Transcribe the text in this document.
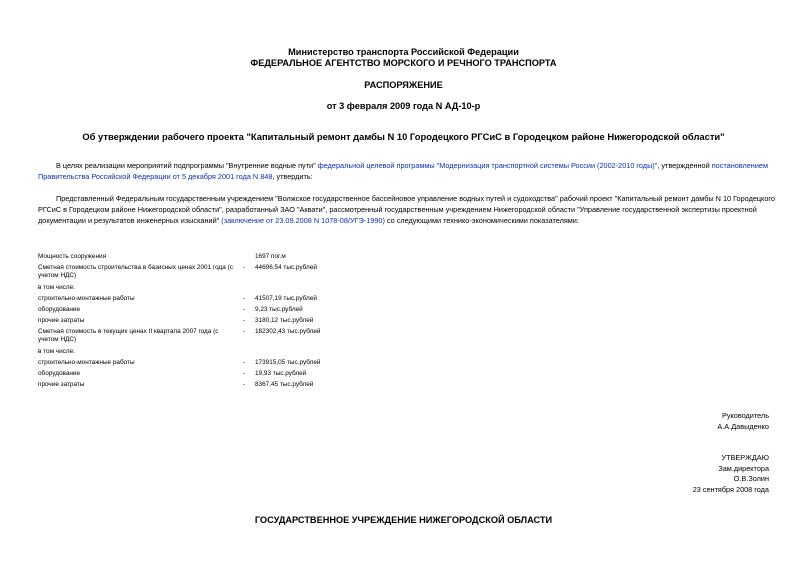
Министерство транспорта Российской Федерации
ФЕДЕРАЛЬНОЕ АГЕНТСТВО МОРСКОГО И РЕЧНОГО ТРАНСПОРТА
РАСПОРЯЖЕНИЕ
от 3 февраля 2009 года N АД-10-р
Об утверждении рабочего проекта "Капитальный ремонт дамбы N 10 Городецкого РГСиС в Городецком районе Нижегородской области"
В целях реализации мероприятий подпрограммы "Внутренние водные пути" федеральной целевой программы "Модернизация транспортной системы России (2002-2010 годы)", утвержденной постановлением Правительства Российской Федерации от 5 декабря 2001 года N 848, утвердить:
Представленный Федеральным государственным учреждением "Волжское государственное бассейновое управление водных путей и судоходства" рабочий проект "Капитальный ремонт дамбы N 10 Городецкого РГСиС в Городецком районе Нижегородской области", разработанный ЗАО "Аквати", рассмотренный государственным учреждением Нижегородской области "Управление государственной экспертизы проектной документации и результатов инженерных изысканий" (заключение от 23.09.2008 N 1078-08/УГЭ-1990) со следующими технико-экономическими показателями:
Мощность сооружения		1697 пог.м
Сметная стоимость строительства в базисных ценах 2001 года (с учетом НДС)	-	44696,54 тыс.рублей
в том числе:		
строительно-монтажные работы	-	41507,19 тыс.рублей
оборудование	-	9,23 тыс.рублей
прочие затраты	-	3180,12 тыс.рублей
Сметная стоимость в текущих ценах II квартала 2007 года (с учетом НДС)	-	182302,43 тыс.рублей
в том числе:		
строительно-монтажные работы	-	173915,05 тыс.рублей
оборудование	-	19,93 тыс.рублей
прочие затраты	-	8367,45 тыс.рублей
Руководитель
А.А.Давыденко
УТВЕРЖДАЮ
Зам.директора
О.В.Золин
23 сентября 2008 года
ГОСУДАРСТВЕННОЕ УЧРЕЖДЕНИЕ НИЖЕГОРОДСКОЙ ОБЛАСТИ
